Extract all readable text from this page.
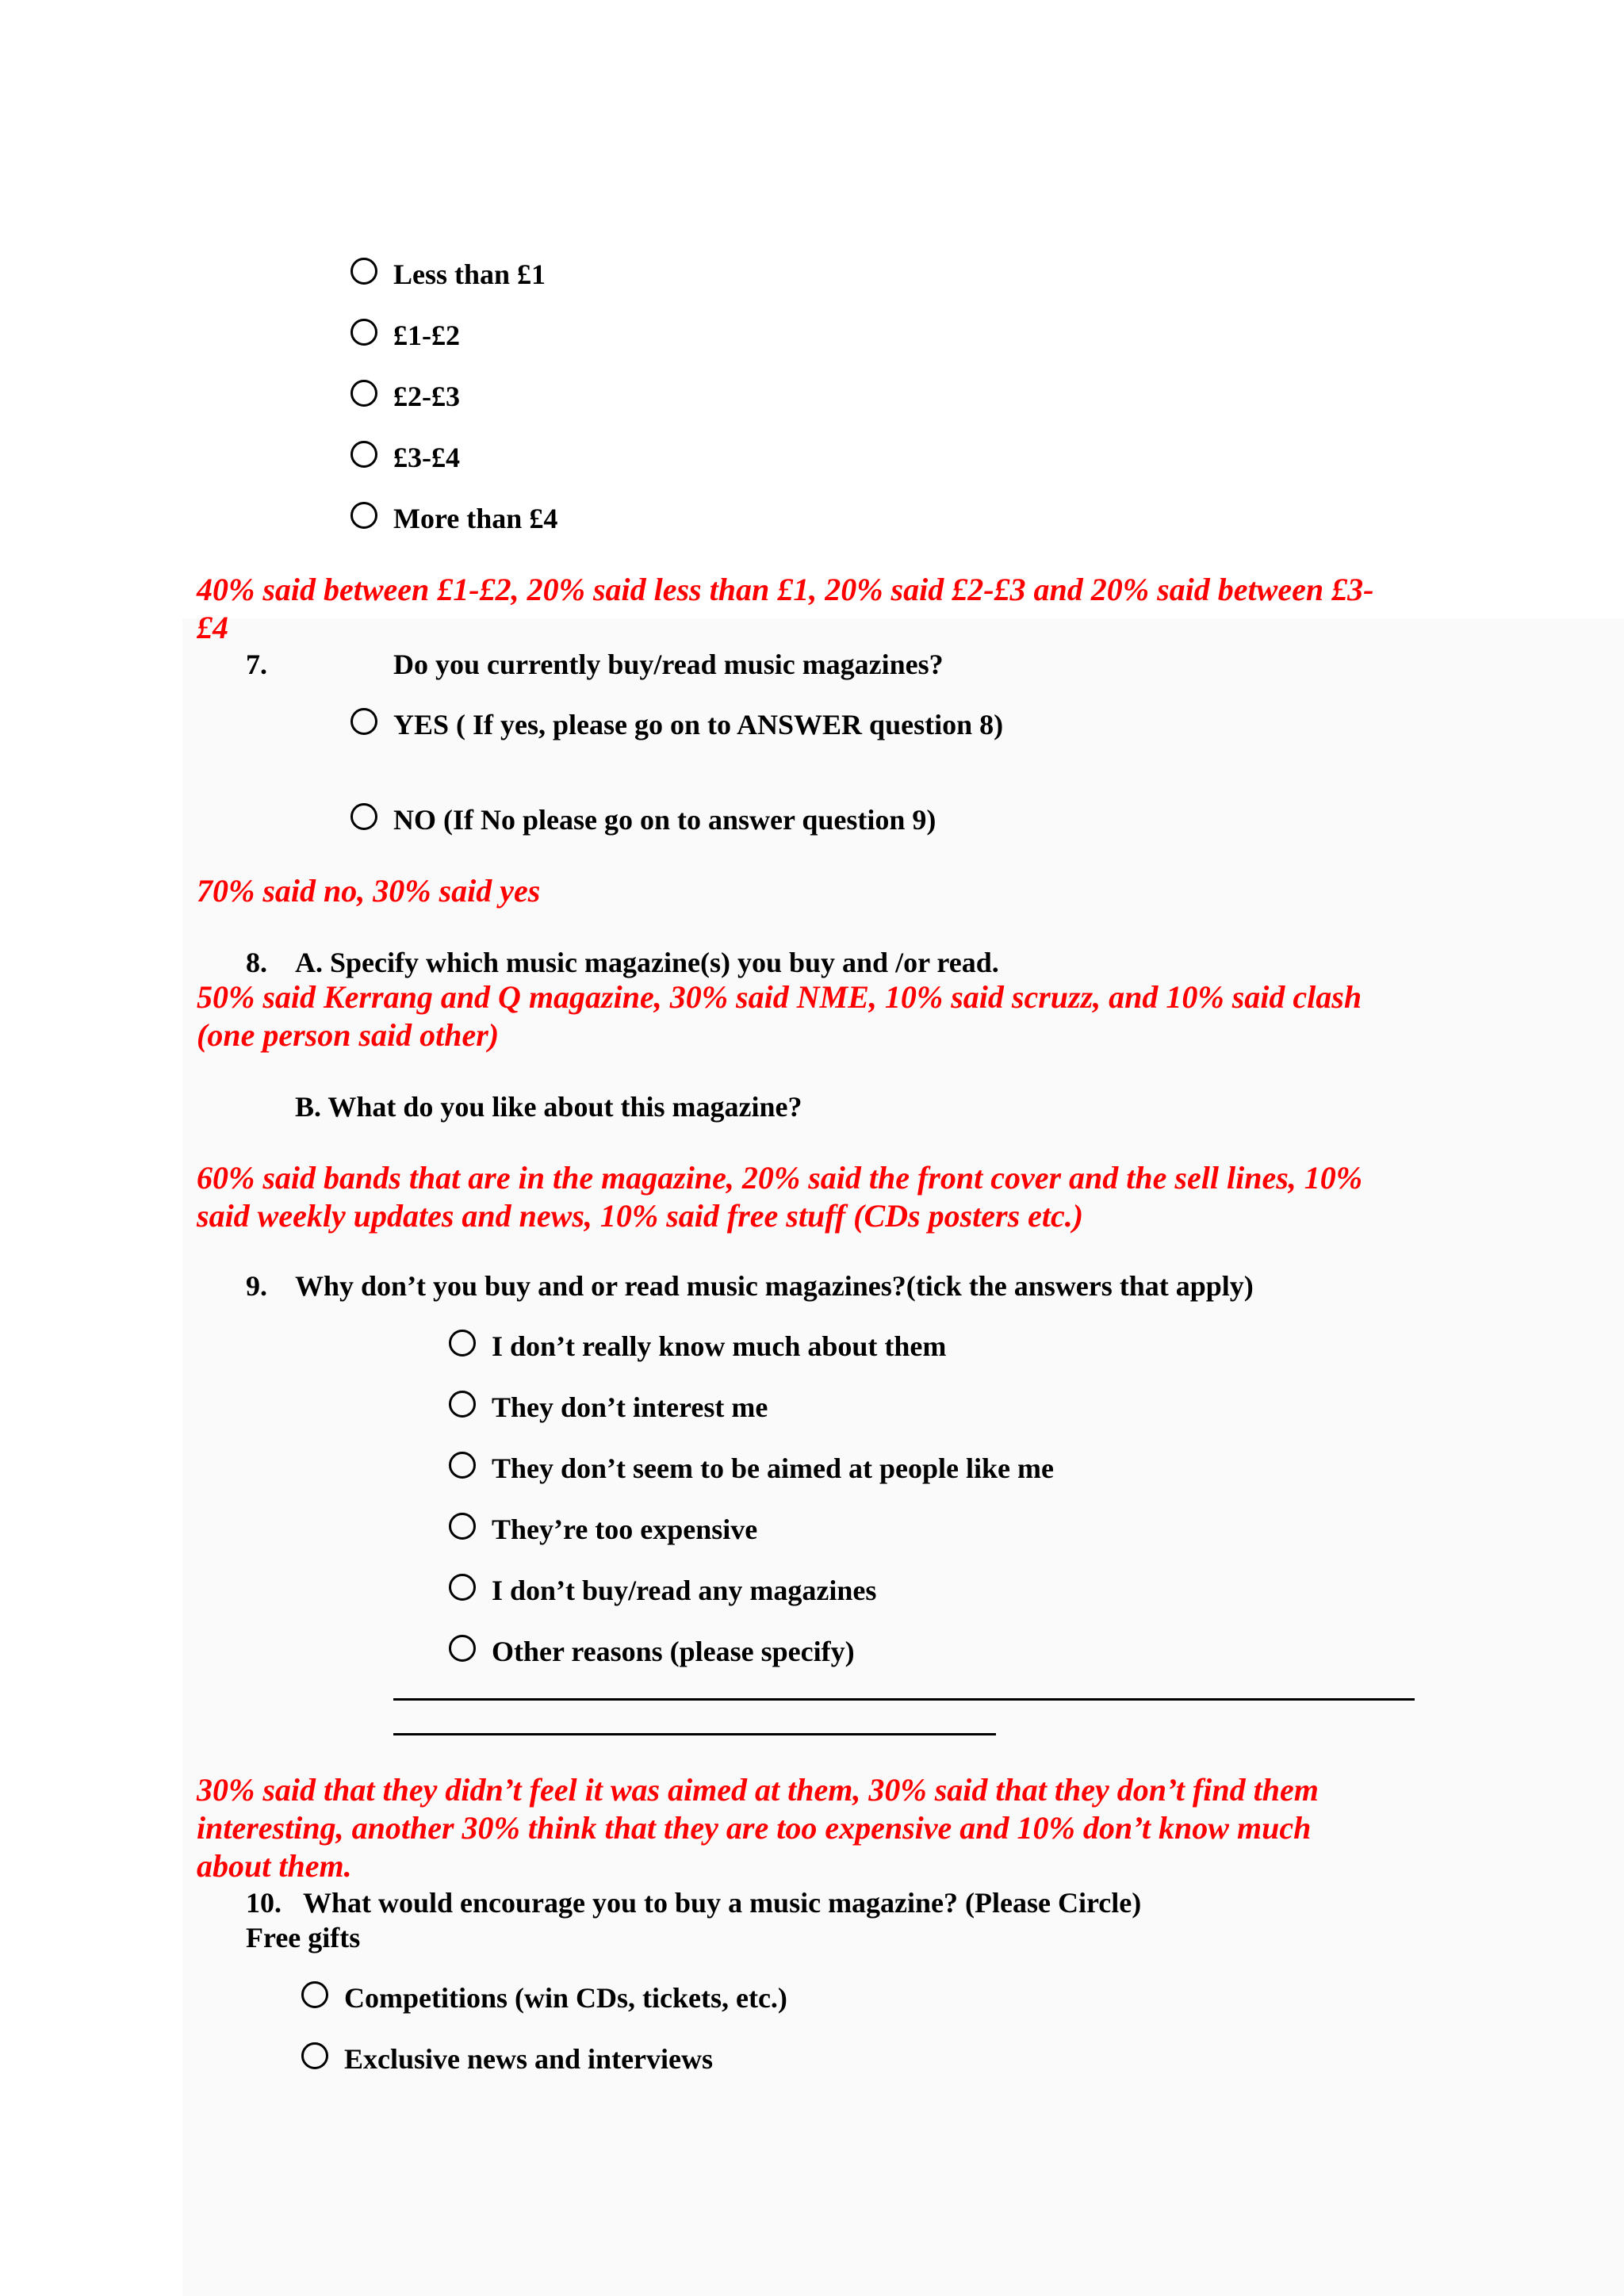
Less than £1
£1-£2
£2-£3
£3-£4
More than £4
40% said between £1-£2, 20% said less than £1, 20% said £2-£3 and 20% said between £3-
£4
7.	Do you currently buy/read music magazines?
YES ( If yes, please go on to ANSWER question 8)
NO (If No please go on to answer question 9)
70% said no, 30% said yes
8. A. Specify which music magazine(s) you buy and /or read.
50% said Kerrang and Q magazine, 30% said NME, 10% said scruzz, and 10% said clash
(one person said other)
B. What do you like about this magazine?
60% said bands that are in the magazine, 20% said the front cover and the sell lines, 10%
said weekly updates and news, 10% said free stuff (CDs posters etc.)
9. Why don’t you buy and or read music magazines?(tick the answers that apply)
I don’t really know much about them
They don’t interest me
They don’t seem to be aimed at people like me
They’re too expensive
I don’t buy/read any magazines
Other reasons (please specify)
30% said that they didn’t feel it was aimed at them, 30% said that they don’t find them
interesting, another 30% think that they are too expensive and 10% don’t know much
about them.
10. What would encourage you to buy a music magazine? (Please Circle)
Free gifts
Competitions (win CDs, tickets, etc.)
Exclusive news and interviews
